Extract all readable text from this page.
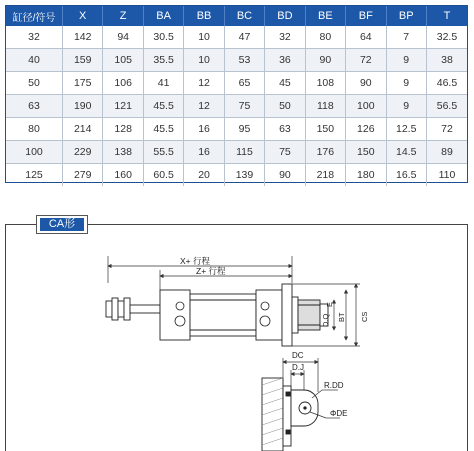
缸径/符号	X	Z	BA	BB	BC	BD	BE	BF	BP	T
32	142	94	30.5	10	47	32	80	64	7	32.5
40	159	105	35.5	10	53	36	90	72	9	38
50	175	106	41	12	65	45	108	90	9	46.5
63	190	121	45.5	12	75	50	118	100	9	56.5
80	214	128	45.5	16	95	63	150	126	12.5	72
100	229	138	55.5	16	115	75	176	150	14.5	89
125	279	160	60.5	20	139	90	218	180	16.5	110
CA形
X+ 行程
Z+ 行程
D.Q
E
BT CS
DC
D.J
R.DD
ΦDE
